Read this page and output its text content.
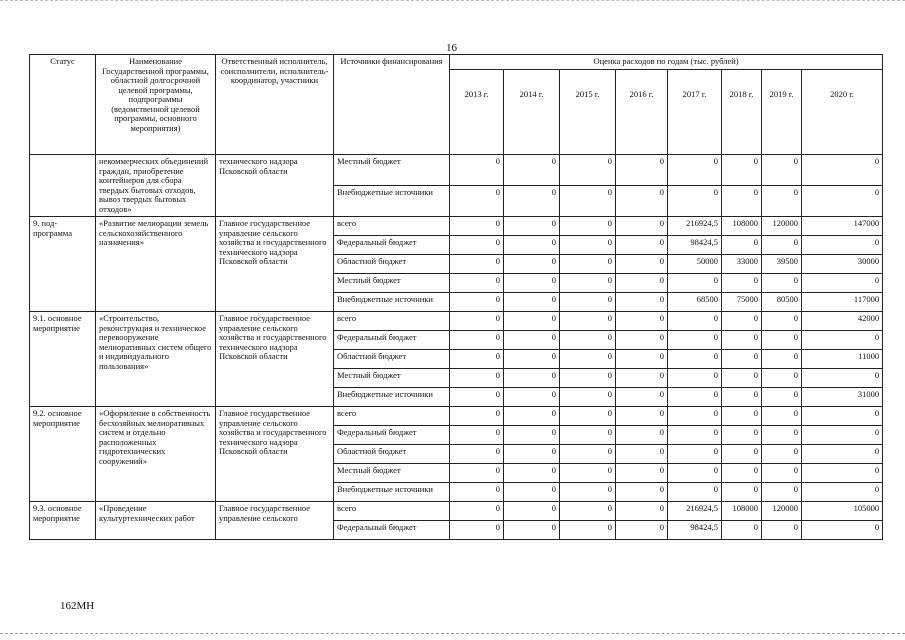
16
Статус	Наименование Государственной программы, областной долгосрочной целевой программы, подпрограммы (ведомственной целевой программы, основного мероприятия)	Ответственный исполнитель, соисполнители, исполнитель-координатор, участники	Источники финансирования	Оценка расходов по годам (тыс. рублей)							
				2013 г.	2014 г.	2015 г.	2016 г.	2017 г.	2018 г.	2019 г.	2020 г.
	некоммерческих объединений граждан, приобретение контейнеров для сбора твердых бытовых отходов, вывоз твердых бытовых отходов»	технического надзора Псковской области	Местный бюджет	0	0	0	0	0	0	0	0
			Внебюджетные источники	0	0	0	0	0	0	0	0
9. под-программа	«Развитие мелиорации земель сельскохозяйственного назначения»	Главное государственное управление сельского хозяйства и государственного технического надзора Псковской области	всего	0	0	0	0	216924,5	108000	120000	147000
			Федеральный бюджет	0	0	0	0	98424,5	0	0	0
			Областной бюджет	0	0	0	0	50000	33000	39500	30000
			Местный бюджет	0	0	0	0	0	0	0	0
			Внебюджетные источники	0	0	0	0	68500	75000	80500	117000
9.1. основное мероприятие	«Строительство, реконструкция и техническое перевооружение мелиоративных систем общего и индивидуального пользования»	Главное государственное управление сельского хозяйства и государственного технического надзора Псковской области	всего	0	0	0	0	0	0	0	42000
			Федеральный бюджет	0	0	0	0	0	0	0	0
			Областной бюджет	0	0	0	0	0	0	0	11000
			Местный бюджет	0	0	0	0	0	0	0	0
			Внебюджетные источники	0	0	0	0	0	0	0	31000
9.2. основное мероприятие	«Оформление в собственность бесхозяйных мелиоративных систем и отдельно расположенных гидротехнических сооружений»	Главное государственное управление сельского хозяйства и государственного технического надзора Псковской области	всего	0	0	0	0	0	0	0	0
			Федеральный бюджет	0	0	0	0	0	0	0	0
			Областной бюджет	0	0	0	0	0	0	0	0
			Местный бюджет	0	0	0	0	0	0	0	0
			Внебюджетные источники	0	0	0	0	0	0	0	0
9.3. основное мероприятие	«Проведение культуртехнических работ	Главное государственное управление сельского	всего	0	0	0	0	216924,5	108000	120000	105000
			Федеральный бюджет	0	0	0	0	98424,5	0	0	0
162МН
